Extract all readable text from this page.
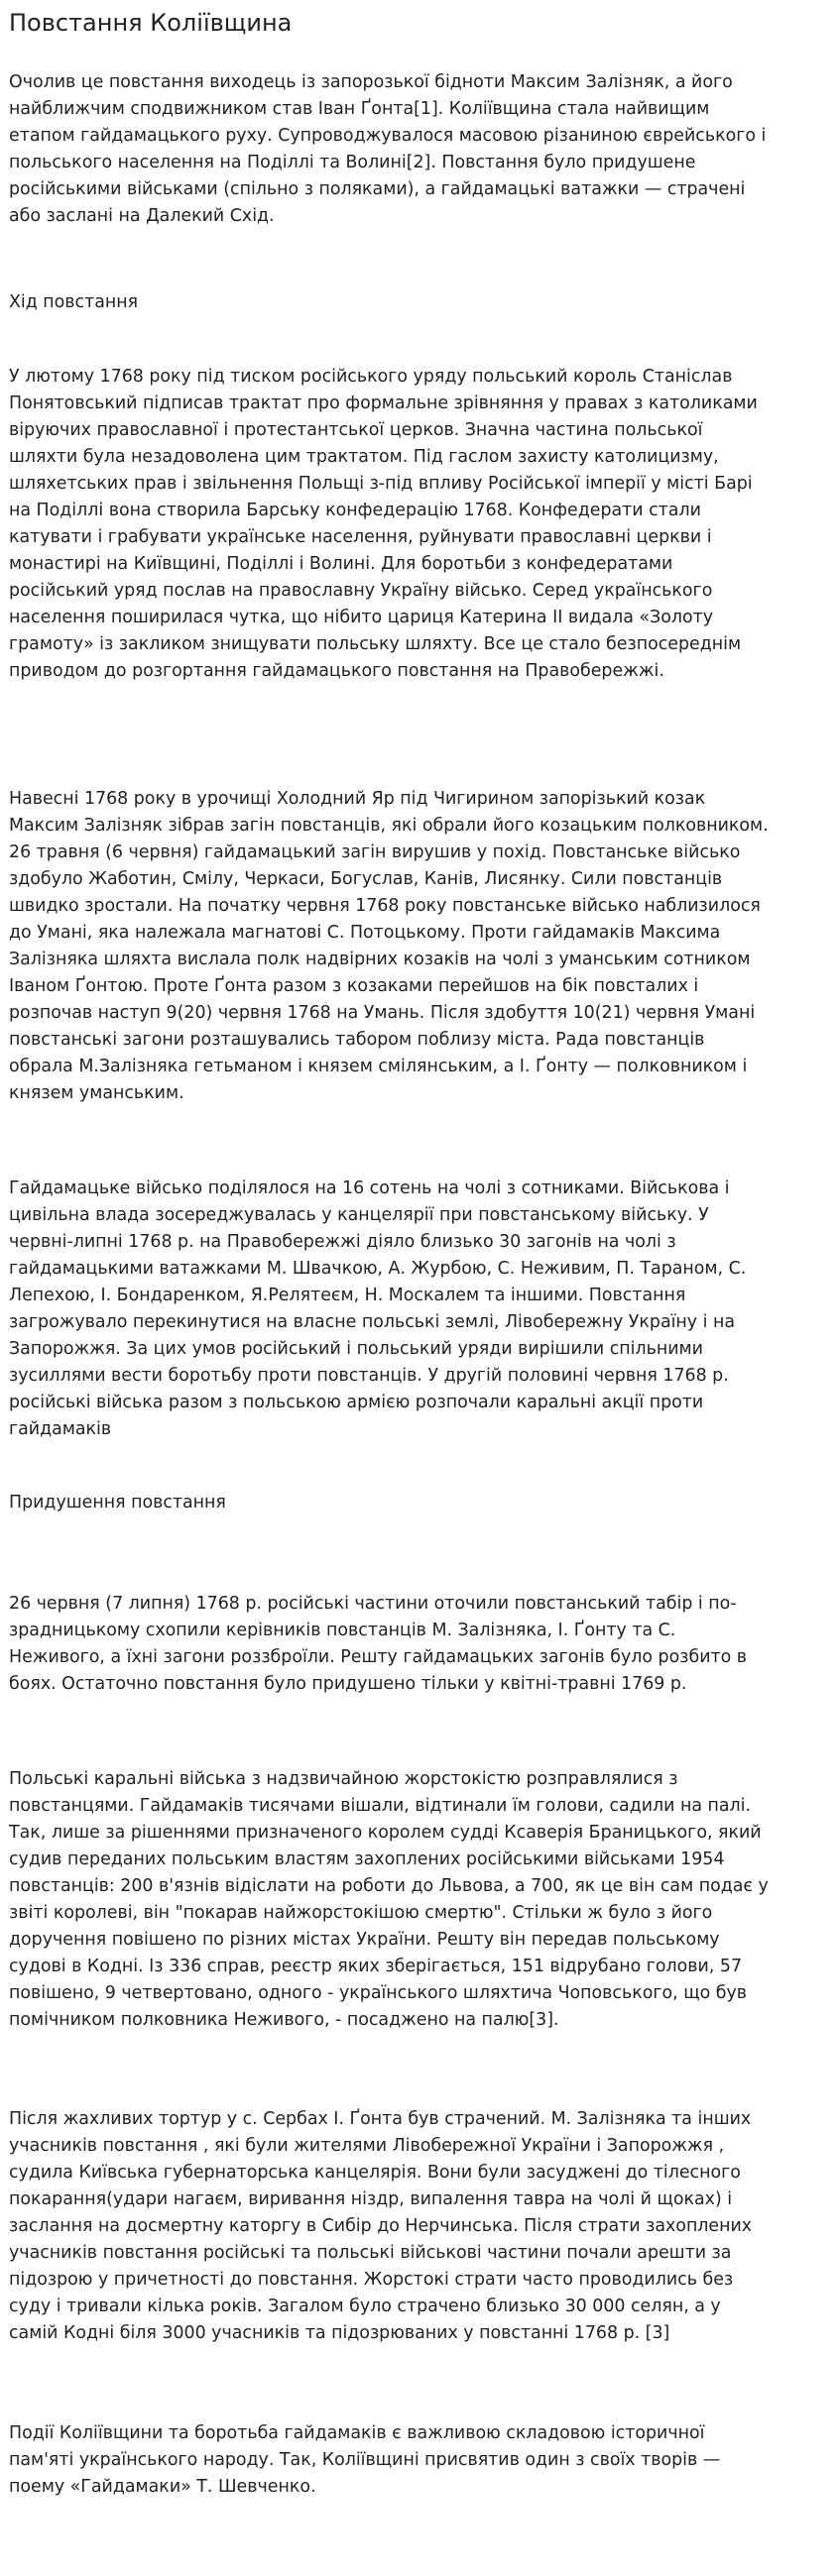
Повстання Коліївщина

Очолив це повстання виходець із запорозької бідноти Максим Залізняк, а його найближчим сподвижником став Іван Ґонта[1]. Коліївщина стала найвищим етапом гайдамацького руху. Супроводжувалося масовою різаниною єврейського і польського населення на Поділлі та Волині[2]. Повстання було придушене російськими військами (спільно з поляками), а гайдамацькі ватажки — страчені або заслані на Далекий Схід.

Хід повстання

У лютому 1768 року під тиском російського уряду польський король Станіслав Понятовський підписав трактат про формальне зрівняння у правах з католиками віруючих православної і протестантської церков. Значна частина польської шляхти була незадоволена цим трактатом. Під гаслом захисту католицизму, шляхетських прав і звільнення Польщі з-під впливу Російської імперії у місті Барі на Поділлі вона створила Барську конфедерацію 1768. Конфедерати стали катувати і грабувати українське населення, руйнувати православні церкви і монастирі на Київщині, Поділлі і Волині. Для боротьби з конфедератами російський уряд послав на православну Україну військо. Серед українського населення поширилася чутка, що нібито цариця Катерина II видала «Золоту грамоту» із закликом знищувати польську шляхту. Все це стало безпосереднім приводом до розгортання гайдамацького повстання на Правобережжі.

Навесні 1768 року в урочищі Холодний Яр під Чигирином запорізький козак Максим Залізняк зібрав загін повстанців, які обрали його козацьким полковником. 26 травня (6 червня) гайдамацький загін вирушив у похід. Повстанське військо здобуло Жаботин, Смілу, Черкаси, Богуслав, Канів, Лисянку. Сили повстанців швидко зростали. На початку червня 1768 року повстанське військо наблизилося до Умані, яка належала магнатові С. Потоцькому. Проти гайдамаків Максима Залізняка шляхта вислала полк надвірних козаків на чолі з уманським сотником Іваном Ґонтою. Проте Ґонта разом з козаками перейшов на бік повсталих і розпочав наступ 9(20) червня 1768 на Умань. Після здобуття 10(21) червня Умані повстанські загони розташувались табором поблизу міста. Рада повстанців обрала М.Залізняка гетьманом і князем смілянським, а І. Ґонту — полковником і князем уманським.

Гайдамацьке військо поділялося на 16 сотень на чолі з сотниками. Військова і цивільна влада зосереджувалась у канцелярії при повстанському війську. У червні-липні 1768 р. на Правобережжі діяло близько 30 загонів на чолі з гайдамацькими ватажками М. Швачкою, А. Журбою, С. Неживим, П. Тараном, С. Лепехою, І. Бондаренком, Я.Релятеєм, Н. Москалем та іншими. Повстання загрожувало перекинутися на власне польські землі, Лівобережну Україну і на Запорожжя. За цих умов російський і польський уряди вирішили спільними зусиллями вести боротьбу проти повстанців. У другій половині червня 1768 р. російські війська разом з польською армією розпочали каральні акції проти гайдамаків

Придушення повстання

26 червня (7 липня) 1768 р. російські частини оточили повстанський табір і по-зрадницькому схопили керівників повстанців М. Залізняка, І. Ґонту та С. Неживого, а їхні загони роззброїли. Решту гайдамацьких загонів було розбито в боях. Остаточно повстання було придушено тільки у квітні-травні 1769 р.

Польські каральні війська з надзвичайною жорстокістю розправлялися з повстанцями. Гайдамаків тисячами вішали, відтинали їм голови, садили на палі. Так, лише за рішеннями призначеного королем судді Ксаверія Браницького, який судив переданих польським властям захоплених російськими військами 1954 повстанців: 200 в'язнів відіслати на роботи до Львова, а 700, як це він сам подає у звіті королеві, він "покарав найжорстокішою смертю". Стільки ж було з його доручення повішено по різних містах України. Решту він передав польському судові в Кодні. Із 336 справ, реєстр яких зберігається, 151 відрубано голови, 57 повішено, 9 четвертовано, одного - українського шляхтича Чоповського, що був помічником полковника Неживого, - посаджено на палю[3].

Після жахливих тортур у с. Сербах І. Ґонта був страчений. М. Залізняка та інших учасників повстання , які були жителями Лівобережної України і Запорожжя , судила Київська губернаторська канцелярія. Вони були засуджені до тілесного покарання(удари нагаєм, виривання ніздр, випалення тавра на чолі й щоках) і заслання на досмертну каторгу в Сибір до Нерчинська. Після страти захоплених учасників повстання російські та польські військові частини почали арешти за підозрою у причетності до повстання. Жорстокі страти часто проводились без суду і тривали кілька років. Загалом було страчено близько 30 000 селян, а у самій Кодні біля 3000 учасників та підозрюваних у повстанні 1768 р. [3]

Події Коліївщини та боротьба гайдамаків є важливою складовою історичної пам'яті українського народу. Так, Коліївщині присвятив один з своїх творів — поему «Гайдамаки» Т. Шевченко.
